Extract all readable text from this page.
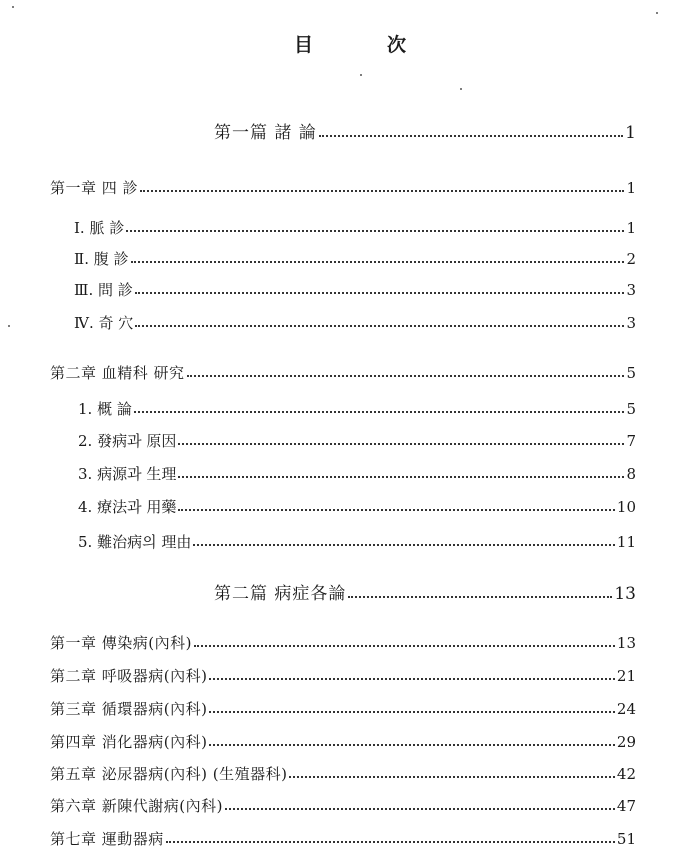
目	次
第一篇 諸 論	1
第一章 四 診	1
Ⅰ. 脈 診	1
Ⅱ. 腹 診	2
Ⅲ. 問 診	3
Ⅳ. 奇 穴	3
第二章 血精科 研究	5
1. 概 論	5
2. 發病과 原因	7
3. 病源과 生理	8
4. 療法과 用藥	10
5. 難治病의 理由	11
第二篇 病症各論	13
第一章 傳染病(內科)	13
第二章 呼吸器病(內科)	21
第三章 循環器病(內科)	24
第四章 消化器病(內科)	29
第五章 泌尿器病(內科) (生殖器科)	42
第六章 新陳代謝病(內科)	47
第七章 運動器病	51
